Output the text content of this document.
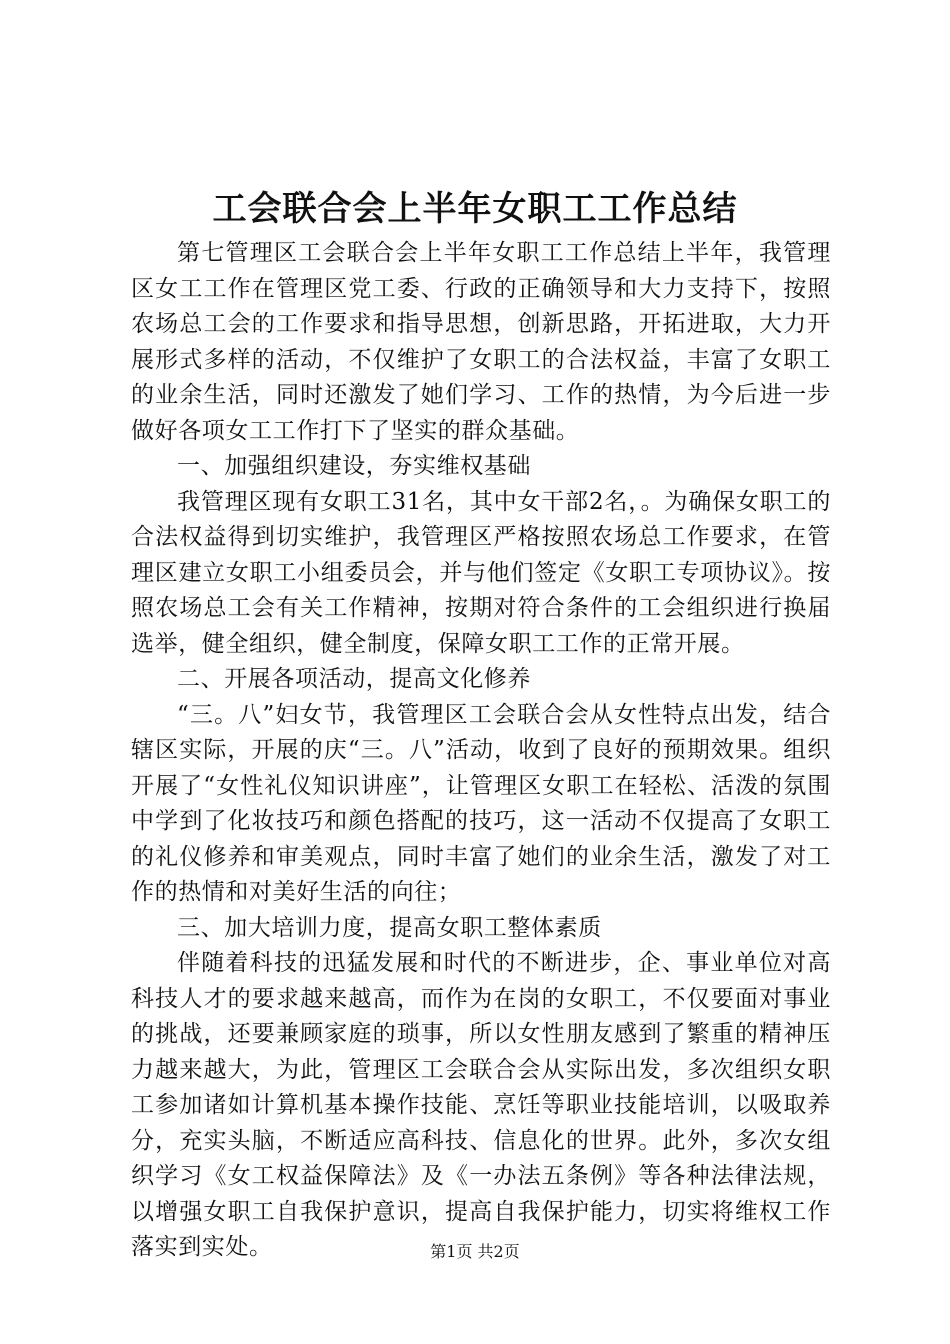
工会联合会上半年女职工工作总结

第七管理区工会联合会上半年女职工工作总结上半年，我管理区女工工作在管理区党工委、行政的正确领导和大力支持下，按照农场总工会的工作要求和指导思想，创新思路，开拓进取，大力开展形式多样的活动，不仅维护了女职工的合法权益，丰富了女职工的业余生活，同时还激发了她们学习、工作的热情，为今后进一步做好各项女工工作打下了坚实的群众基础。

一、加强组织建设，夯实维权基础

我管理区现有女职工31名，其中女干部2名，。为确保女职工的合法权益得到切实维护，我管理区严格按照农场总工作要求，在管理区建立女职工小组委员会，并与他们签定《女职工专项协议》。按照农场总工会有关工作精神，按期对符合条件的工会组织进行换届选举，健全组织，健全制度，保障女职工工作的正常开展。

二、开展各项活动，提高文化修养

“三。八”妇女节，我管理区工会联合会从女性特点出发，结合辖区实际，开展的庆“三。八”活动，收到了良好的预期效果。组织开展了“女性礼仪知识讲座”，让管理区女职工在轻松、活泼的氛围中学到了化妆技巧和颜色搭配的技巧，这一活动不仅提高了女职工的礼仪修养和审美观点，同时丰富了她们的业余生活，激发了对工作的热情和对美好生活的向往；

三、加大培训力度，提高女职工整体素质

伴随着科技的迅猛发展和时代的不断进步，企、事业单位对高科技人才的要求越来越高，而作为在岗的女职工，不仅要面对事业的挑战，还要兼顾家庭的琐事，所以女性朋友感到了繁重的精神压力越来越大，为此，管理区工会联合会从实际出发，多次组织女职工参加诸如计算机基本操作技能、烹饪等职业技能培训，以吸取养分，充实头脑，不断适应高科技、信息化的世界。此外，多次女组织学习《女工权益保障法》及《一办法五条例》等各种法律法规，以增强女职工自我保护意识，提高自我保护能力，切实将维权工作落实到实处。	第1页 共2页
